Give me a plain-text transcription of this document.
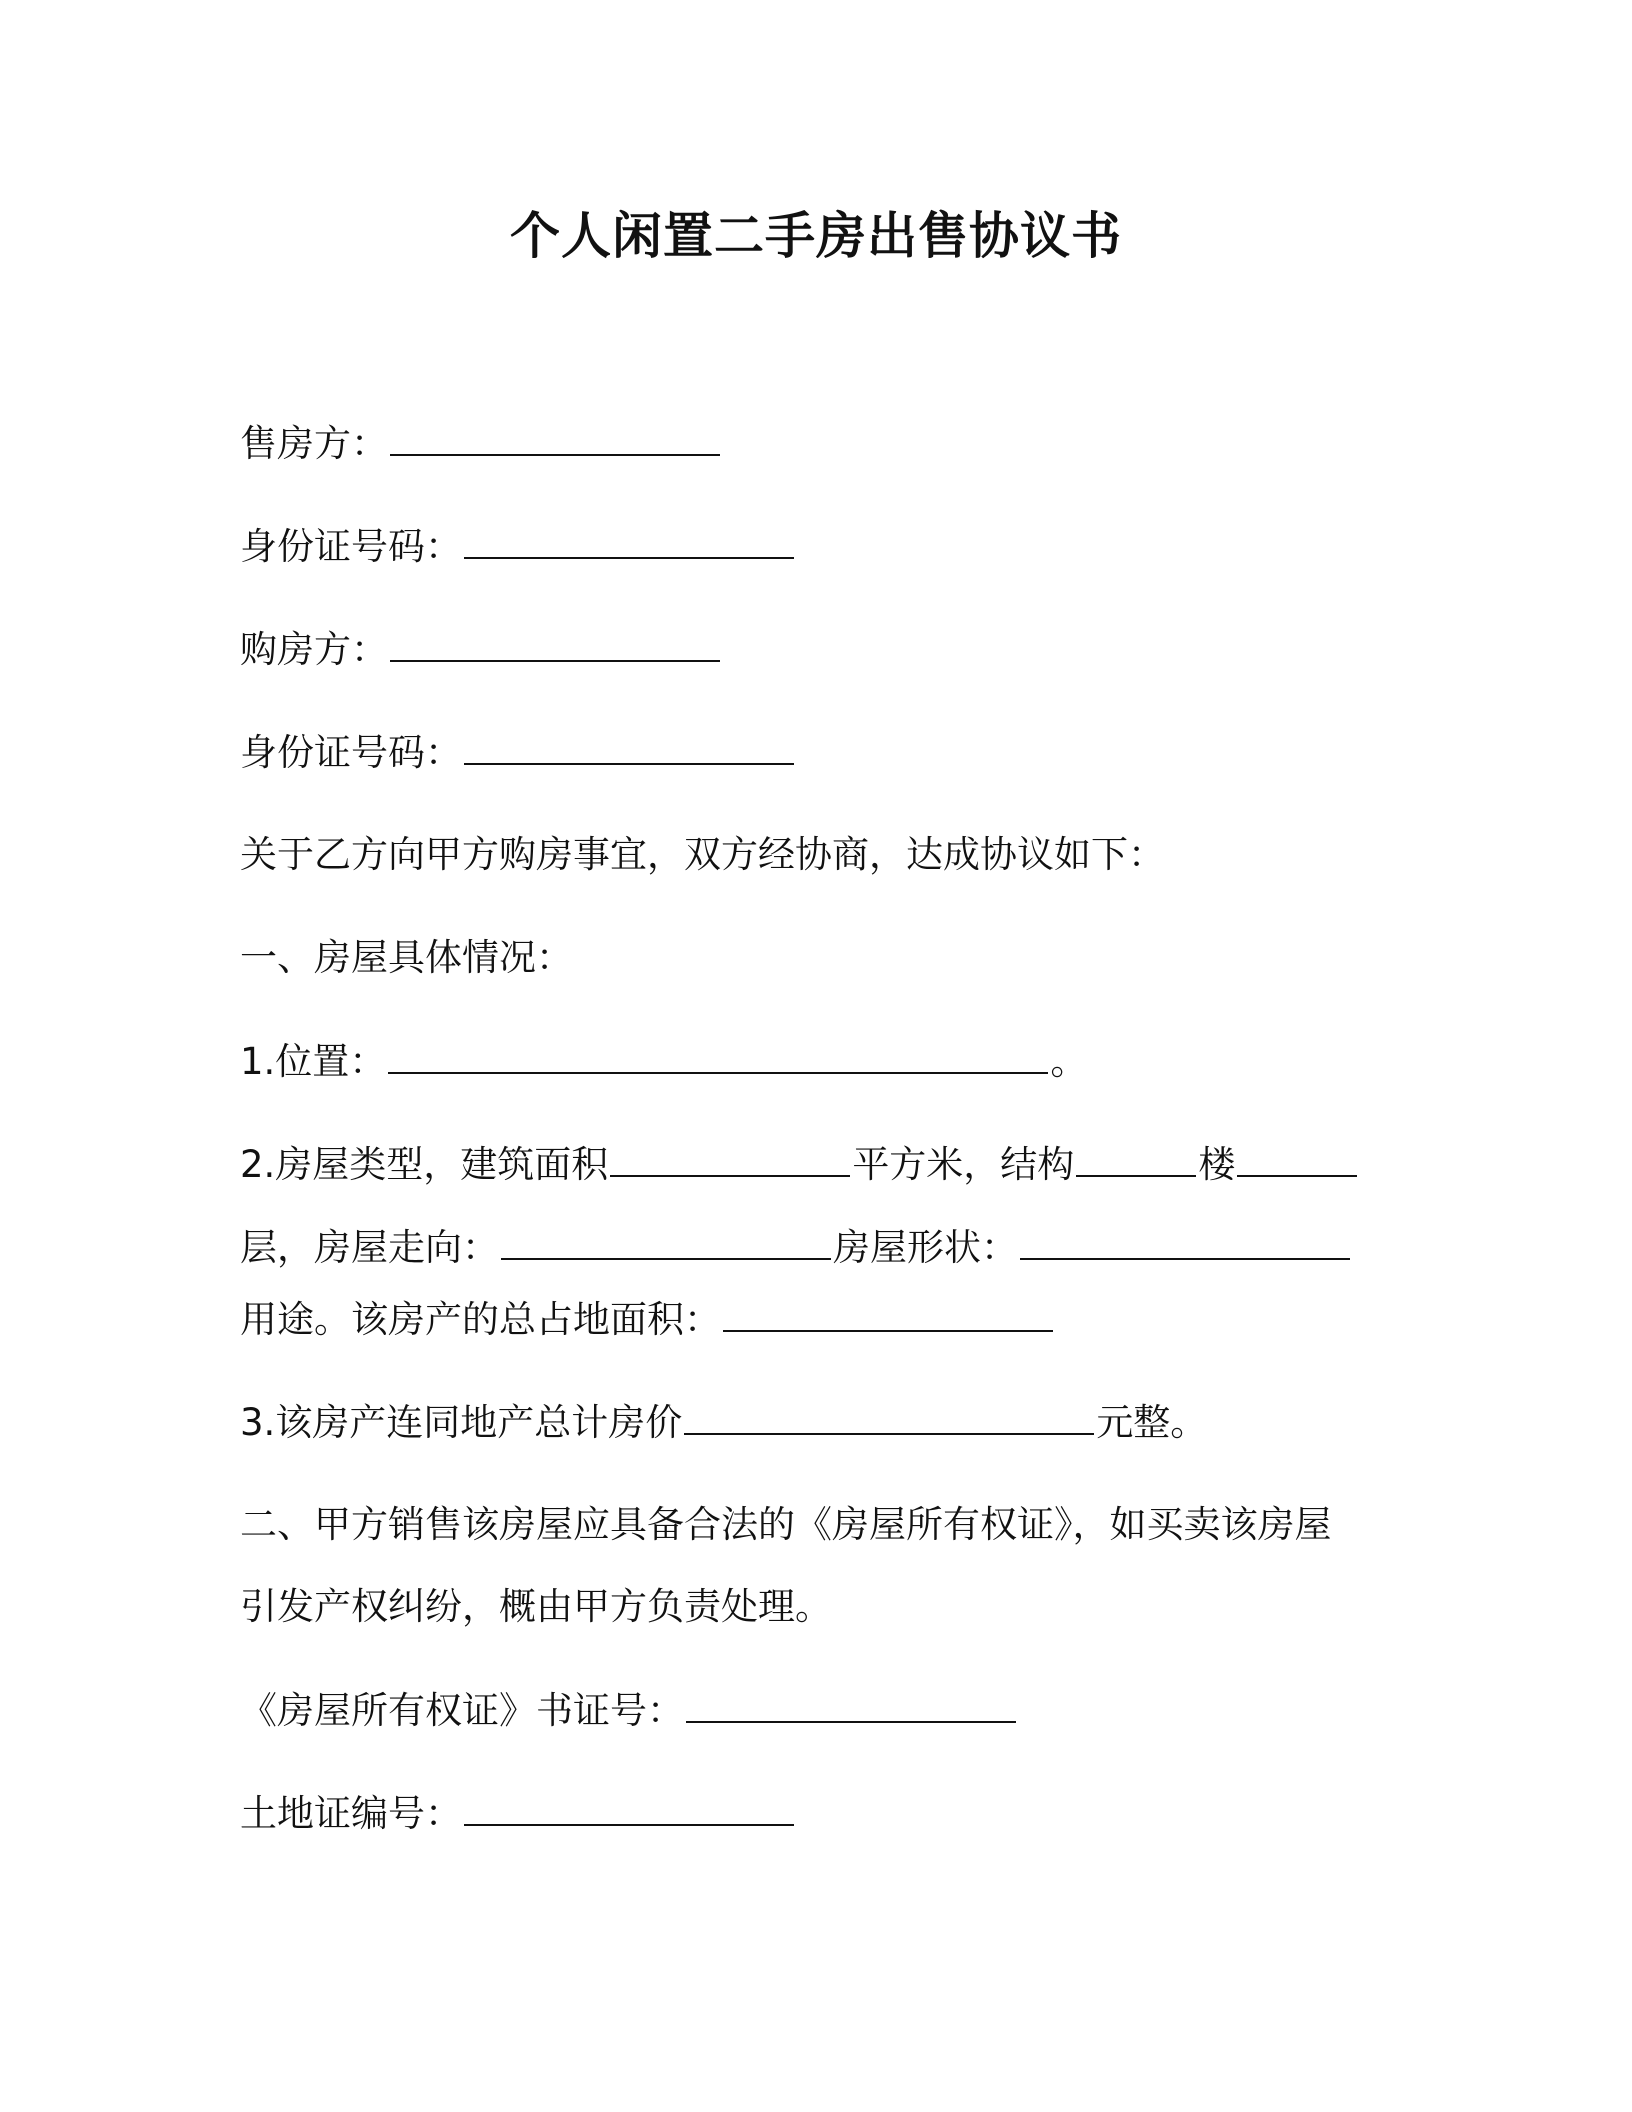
个人闲置二手房出售协议书
售房方：
身份证号码：
购房方：
身份证号码：
关于乙方向甲方购房事宜，双方经协商，达成协议如下：
一、房屋具体情况：
1.位置：	。
2.房屋类型，建筑面积	平方米，结构	楼
层，房屋走向：	房屋形状：
用途。该房产的总占地面积：
3.该房产连同地产总计房价	元整。
二、甲方销售该房屋应具备合法的《房屋所有权证》，如买卖该房屋
引发产权纠纷，概由甲方负责处理。
《房屋所有权证》书证号：
土地证编号：
